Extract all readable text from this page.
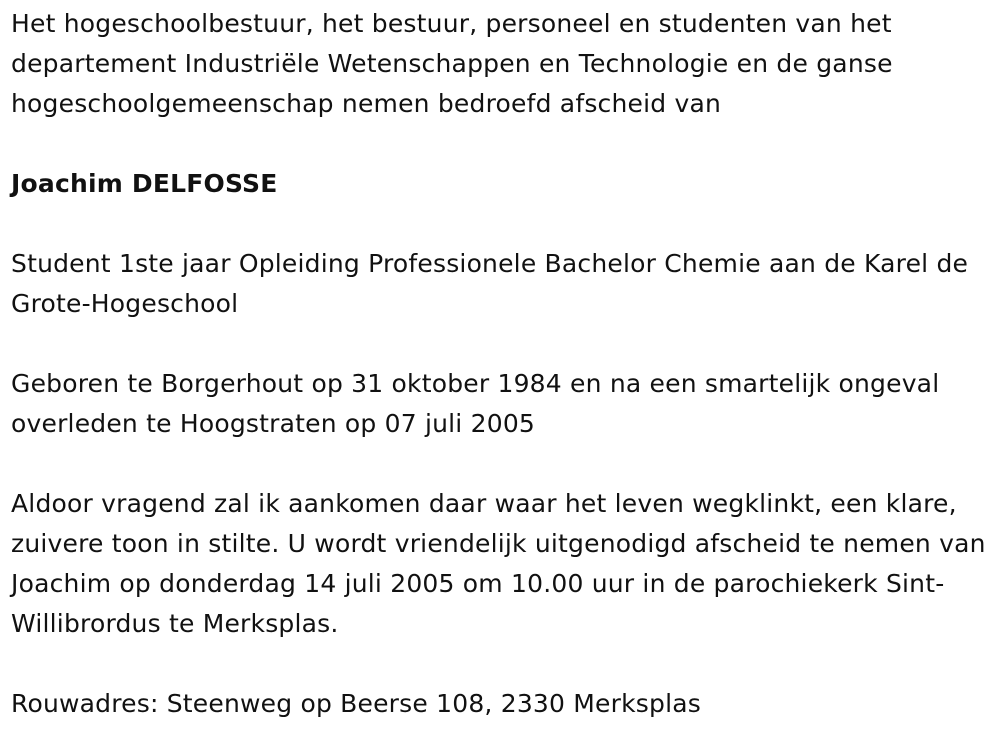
Het hogeschoolbestuur, het bestuur, personeel en studenten van het departement Industriële Wetenschappen en Technologie en de ganse hogeschoolgemeenschap nemen bedroefd afscheid van

Joachim DELFOSSE

Student 1ste jaar Opleiding Professionele Bachelor Chemie aan de Karel de Grote-Hogeschool

Geboren te Borgerhout op 31 oktober 1984 en na een smartelijk ongeval overleden te Hoogstraten op 07 juli 2005

Aldoor vragend zal ik aankomen daar waar het leven wegklinkt, een klare, zuivere toon in stilte. U wordt vriendelijk uitgenodigd afscheid te nemen van Joachim op donderdag 14 juli 2005 om 10.00 uur in de parochiekerk Sint-Willibrordus te Merksplas.

Rouwadres: Steenweg op Beerse 108, 2330 Merksplas
